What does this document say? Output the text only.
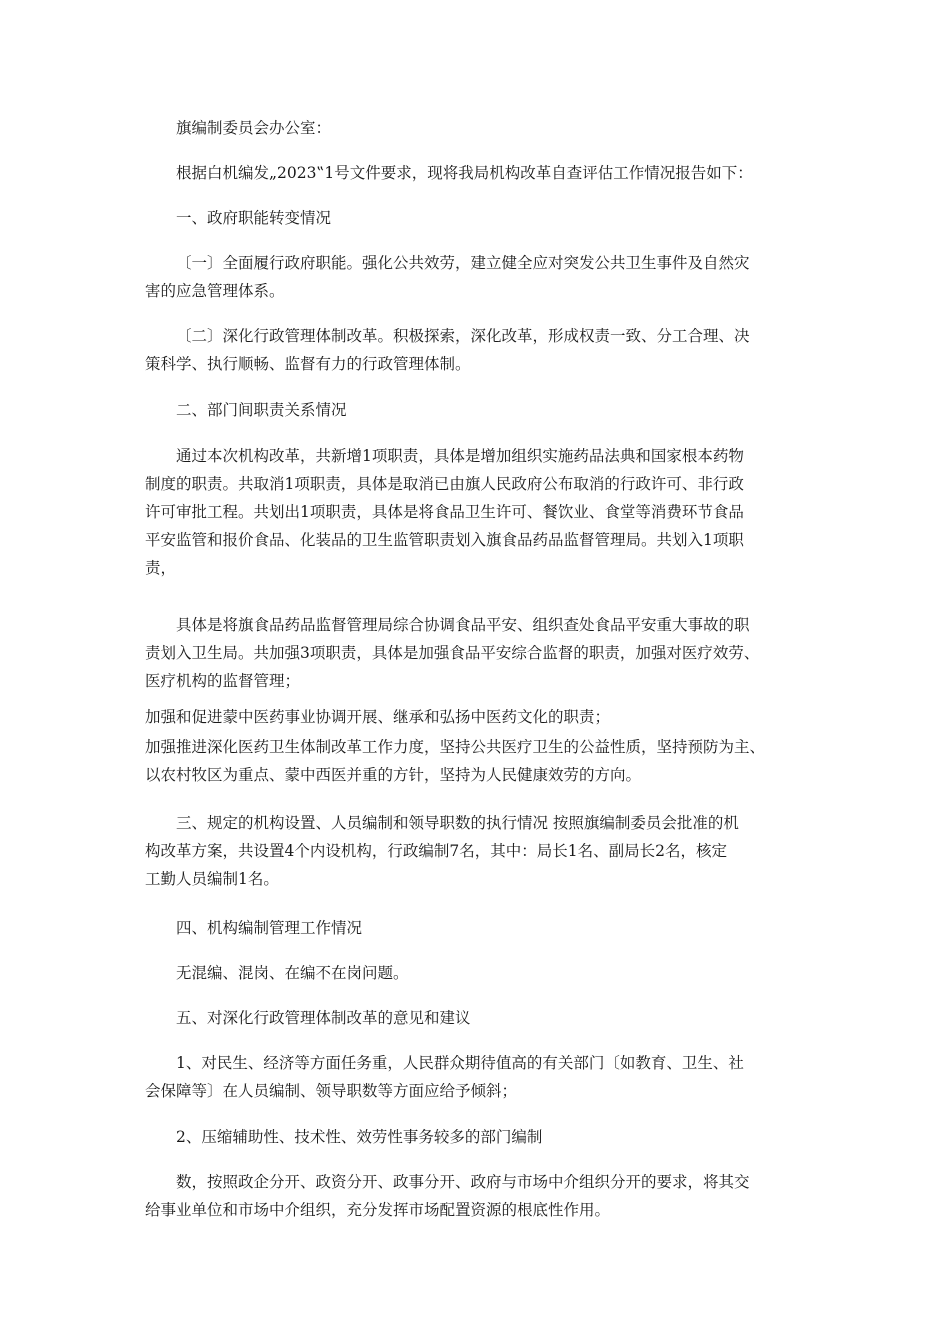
旗编制委员会办公室：

根据白机编发„2023‟1号文件要求，现将我局机构改革自查评估工作情况报告如下：

一、政府职能转变情况

〔一〕全面履行政府职能。强化公共效劳，建立健全应对突发公共卫生事件及自然灾
害的应急管理体系。

〔二〕深化行政管理体制改革。积极探索，深化改革，形成权责一致、分工合理、决
策科学、执行顺畅、监督有力的行政管理体制。

二、部门间职责关系情况

通过本次机构改革，共新增1项职责，具体是增加组织实施药品法典和国家根本药物
制度的职责。共取消1项职责，具体是取消已由旗人民政府公布取消的行政许可、非行政
许可审批工程。共划出1项职责，具体是将食品卫生许可、餐饮业、食堂等消费环节食品
平安监管和报价食品、化装品的卫生监管职责划入旗食品药品监督管理局。共划入1项职
责，

具体是将旗食品药品监督管理局综合协调食品平安、组织查处食品平安重大事故的职
责划入卫生局。共加强3项职责，具体是加强食品平安综合监督的职责，加强对医疗效劳、
医疗机构的监督管理；

加强和促进蒙中医药事业协调开展、继承和弘扬中医药文化的职责；

加强推进深化医药卫生体制改革工作力度，坚持公共医疗卫生的公益性质，坚持预防为主、
以农村牧区为重点、蒙中西医并重的方针，坚持为人民健康效劳的方向。

三、规定的机构设置、人员编制和领导职数的执行情况 按照旗编制委员会批准的机
构改革方案，共设置4个内设机构，行政编制7名，其中：局长1名、副局长2名，核定
工勤人员编制1名。

四、机构编制管理工作情况

无混编、混岗、在编不在岗问题。

五、对深化行政管理体制改革的意见和建议

1、对民生、经济等方面任务重，人民群众期待值高的有关部门〔如教育、卫生、社
会保障等〕在人员编制、领导职数等方面应给予倾斜；

2、压缩辅助性、技术性、效劳性事务较多的部门编制

数，按照政企分开、政资分开、政事分开、政府与市场中介组织分开的要求，将其交
给事业单位和市场中介组织，充分发挥市场配置资源的根底性作用。
